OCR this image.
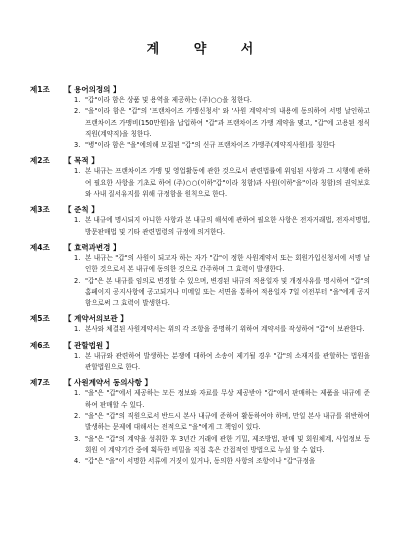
계 약 서
제1조	【 용어의정의 】
1. "갑"이라 함은 상품 및 용역을 제공하는 (주)○○을 칭한다.
2. "을"이라 함은 "갑"의 '프랜차이즈 가맹신청서' 와 '사원 계약서'의 내용에 동의하여 서명 날인하고 프랜차이즈 가맹비(150만원)을 납입하여 "갑"과 프랜차이즈 가맹 계약을 맺고, "갑"에 고용된 정식직원(계약직)을 칭한다.
3. "병"이라 함은 "을"에의해 모집된 "갑"의 신규 프랜차이즈 가맹주(계약직사원)를 칭한다
제2조	【 목적 】
1. 본 내규는 프랜차이즈 가맹 및 영업활동에 관한 것으로서 관련법률에 위임된 사항과 그 시행에 관하여 필요한 사항을 기초로 하여 (주)○○(이하"갑"이라 칭함)과 사원(이하"을"이라 칭함)의 권익보호와 사내 질서유지를 위해 규정함을 원칙으로 한다.
제3조	【 준칙 】
1. 본 내규에 명시되지 아니한 사항과 본 내규의 해석에 관하여 필요한 사항은 전자거래법, 전자서명법, 방문판매법 및 기타 관련법령의 규정에 의거한다.
제4조	【 효력과변경 】
1. 본 내규는 "갑"의 사원이 되고자 하는 자가 "갑"이 정한 사원계약서 또는 회원가입신청서에 서명 날인한 것으로서 본 내규에 동의한 것으로 간주하며 그 효력이 발생한다.
2. "갑"은 본 내규를 임의로 변경할 수 있으며, 변경된 내규의 적용일자 및 개정사유를 명시하여 "갑"의 홈페이지 공지사항에 공고되거나 미메일 또는 서면을 통하여 적용일자 7일 이전부터 "을"에게 공지함으로써 그 효력이 발생한다.
제5조	【 계약서의보관 】
1. 본사와 체결된 사원계약서는 위의 각 조항을 증명하기 위하여 계약서를 작성하여 "갑"이 보관한다.
제6조	【 관할법원 】
1. 본 내규와 관련하여 발생하는 분쟁에 대하여 소송이 제기될 경우 "갑"의 소재지를 관할하는 법원을 관할법원으로 한다.
제7조	【 사원계약서 동의사항 】
1. "을"은 "갑"에서 제공하는 모든 정보와 자료를 무상 제공받아 "갑"에서 판매하는 제품을 내규에 준하여 판매할 수 있다.
2. "을"은 "갑"의 직원으로서 반드시 본사 내규에 준하여 활동하여야 하며, 만일 본사 내규를 위반하여 발생하는 문제에 대해서는 전적으로 "을"에게 그 책임이 있다.
3. "을"은 "갑"의 계약을 성취한 후 3년간 거래에 관한 기밀, 제조방법, 판매 및 회원체계, 사업정보 등 회원 이 계약기간 중에 획득한 비밀을 직접 혹은 간접적인 방법으로 누설 할 수 없다.
4. "갑"은 "을"이 서명한 서류에 거짓이 있거나, 동의한 사항의 조항이나 "갑"규정을
